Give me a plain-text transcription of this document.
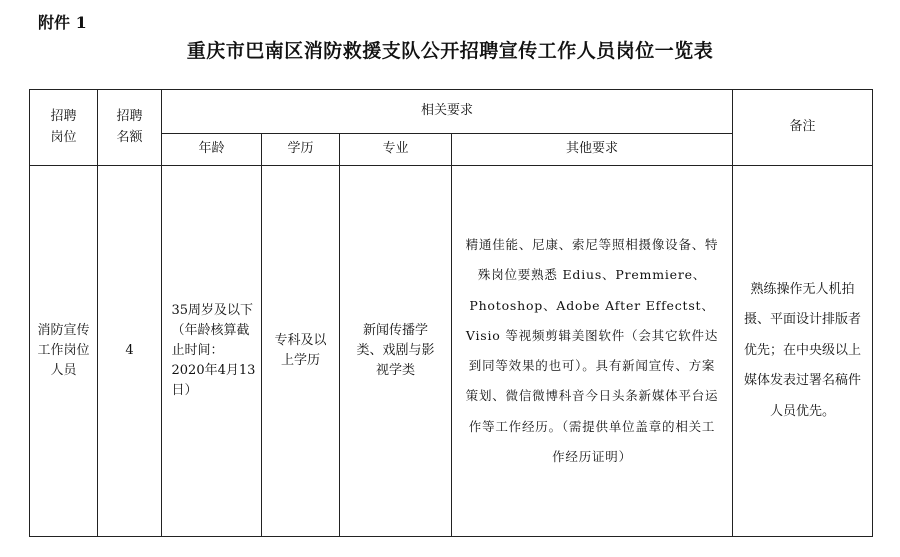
附件 1
重庆市巴南区消防救援支队公开招聘宣传工作人员岗位一览表
招聘岗位	招聘名额	相关要求				备注
		年龄	学历	专业	其他要求	

消防宣传工作岗位人员	4	35周岁及以下（年龄核算截止时间：2020年4月13日）	专科及以上学历	新闻传播学类、戏剧与影视学类	精通佳能、尼康、索尼等照相摄像设备、特殊岗位要熟悉 Edius、Premmiere、Photoshop、Adobe After Effectst、Visio 等视频剪辑美图软件（会其它软件达到同等效果的也可）。具有新闻宣传、方案策划、微信微博科音今日头条新媒体平台运作等工作经历。（需提供单位盖章的相关工作经历证明）	熟练操作无人机拍摄、平面设计排版者优先；在中央级以上媒体发表过署名稿件人员优先。
